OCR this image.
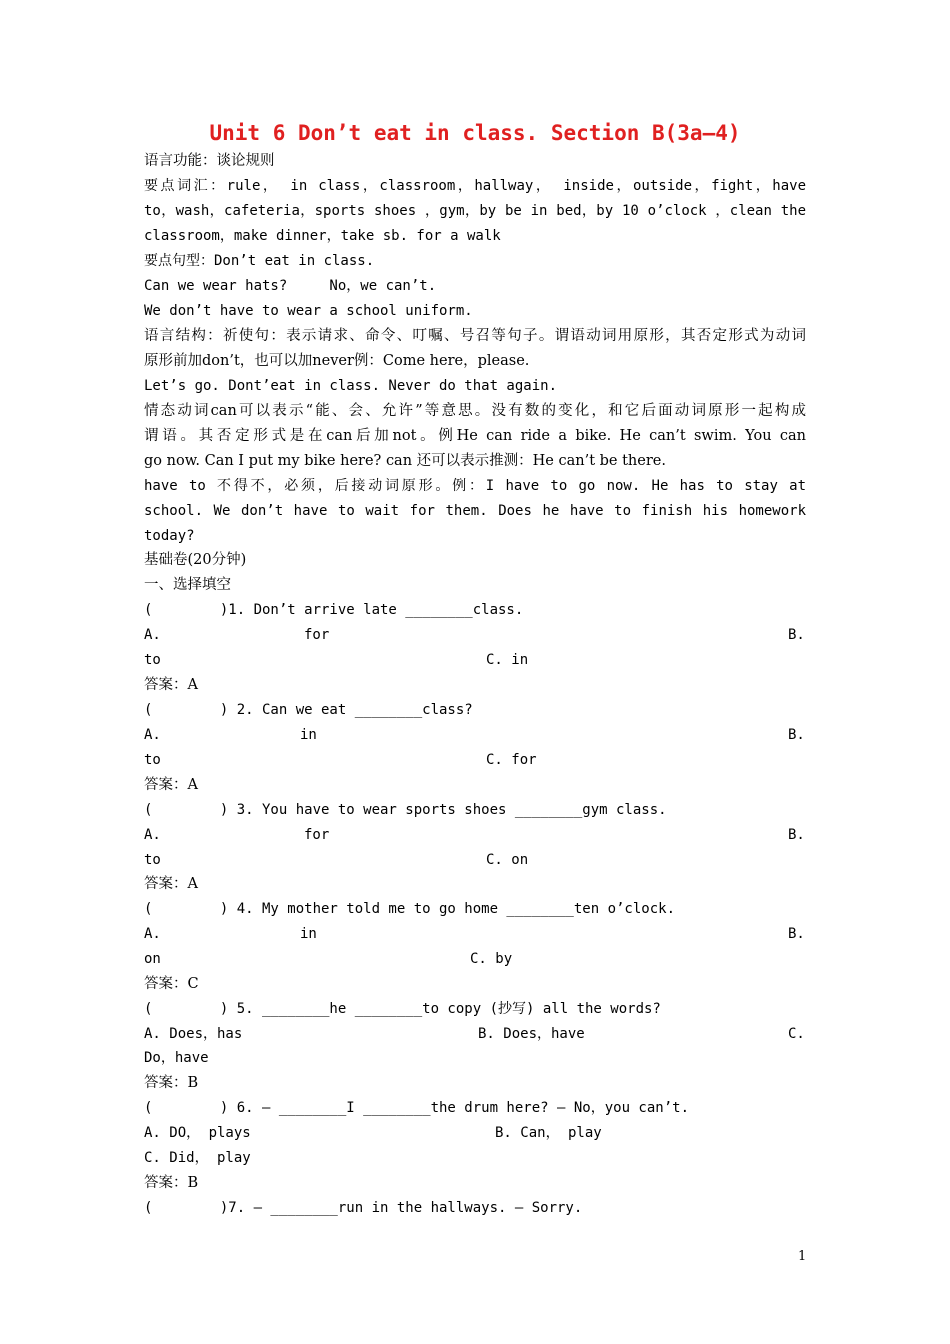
Unit 6 Don’t eat in class. Section B(3a—4)
语言功能：谈论规则
要点词汇：rule， in class，classroom，hallway， inside，outside，fight，have
to，wash，cafeteria，sports shoes ，gym，by be in bed，by 10 o’clock ，clean the
classroom，make dinner，take sb. for a walk
要点句型：Don’t eat in class.
Can we wear hats?     No，we can’t.
We don’t have to wear a school uniform.
语言结构：祈使句：表示请求、命令、叮嘱、号召等句子。谓语动词用原形，其否定形式为动词
原形前加don’t，也可以加never例：Come here，please.
Let’s go. Dont’eat in class. Never do that again.
情态动词can可以表示“能、会、允许”等意思。没有数的变化，和它后面动词原形一起构成
谓语。其否定形式是在can后加not。例He can ride a bike. He can’t swim. You can
go now. Can I put my bike here? can 还可以表示推测：He can’t be there.
have to 不得不，必须，后接动词原形。例：I have to go now. He has to stay at
school. We don’t have to wait for them. Does he have to finish his homework
today?
基础卷(20分钟)
一、选择填空
(        )1. Don’t arrive late ________class.

A.

	for

	B.

to

	C. in

答案：A
(        ) 2. Can we eat ________class?

A.

	in

	B.

to

	C. for

答案：A
(        ) 3. You have to wear sports shoes ________gym class.

A.

	for

	B.

to

	C. on

答案：A
(        ) 4. My mother told me to go home ________ten o’clock.

A.

	in

	B.

on

	C. by

答案：C
(        ) 5. ________he ________to copy (抄写) all the words?

A. Does，has

	B. Does，have

	C.

Do，have

答案：B
(        ) 6. — ________I ________the drum here? — No，you can’t.

A. DO， plays

	B. Can， play

C. Did， play

答案：B
(        )7. — ________run in the hallways. — Sorry.
1
